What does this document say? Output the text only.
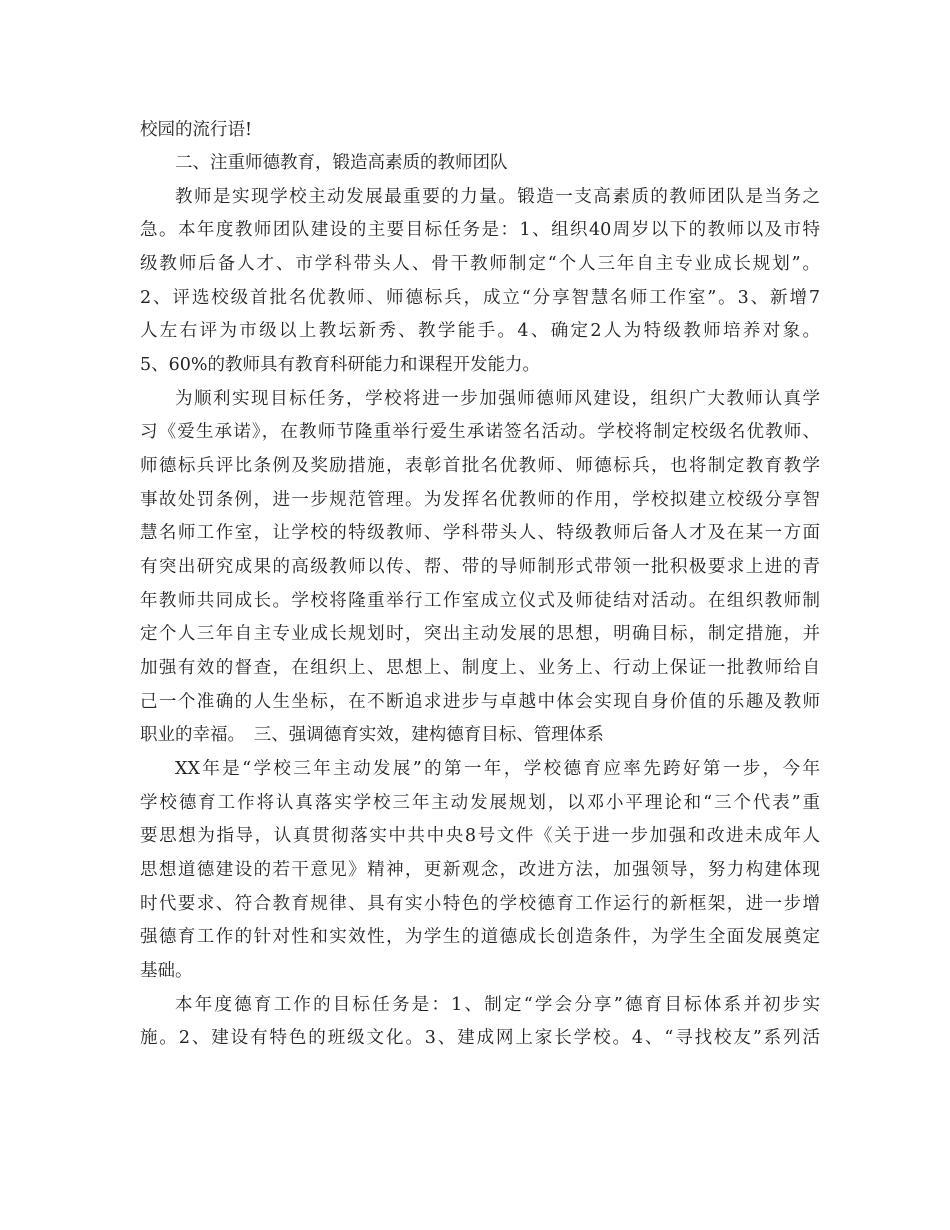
校园的流行语!
二、注重师德教育，锻造高素质的教师团队
教师是实现学校主动发展最重要的力量。锻造一支高素质的教师团队是当务之
急。本年度教师团队建设的主要目标任务是：1、组织40周岁以下的教师以及市特
级教师后备人才、市学科带头人、骨干教师制定“个人三年自主专业成长规划”。
2、评选校级首批名优教师、师德标兵，成立“分享智慧名师工作室”。3、新增7
人左右评为市级以上教坛新秀、教学能手。4、确定2人为特级教师培养对象。
5、60%的教师具有教育科研能力和课程开发能力。
为顺利实现目标任务，学校将进一步加强师德师风建设，组织广大教师认真学
习《爱生承诺》，在教师节隆重举行爱生承诺签名活动。学校将制定校级名优教师、
师德标兵评比条例及奖励措施，表彰首批名优教师、师德标兵，也将制定教育教学
事故处罚条例，进一步规范管理。为发挥名优教师的作用，学校拟建立校级分享智
慧名师工作室，让学校的特级教师、学科带头人、特级教师后备人才及在某一方面
有突出研究成果的高级教师以传、帮、带的导师制形式带领一批积极要求上进的青
年教师共同成长。学校将隆重举行工作室成立仪式及师徒结对活动。在组织教师制
定个人三年自主专业成长规划时，突出主动发展的思想，明确目标，制定措施，并
加强有效的督查，在组织上、思想上、制度上、业务上、行动上保证一批教师给自
己一个准确的人生坐标，在不断追求进步与卓越中体会实现自身价值的乐趣及教师
职业的幸福。　三、强调德育实效，建构德育目标、管理体系
XX年是“学校三年主动发展”的第一年，学校德育应率先跨好第一步，今年
学校德育工作将认真落实学校三年主动发展规划，以邓小平理论和“三个代表”重
要思想为指导，认真贯彻落实中共中央8号文件《关于进一步加强和改进未成年人
思想道德建设的若干意见》精神，更新观念，改进方法，加强领导，努力构建体现
时代要求、符合教育规律、具有实小特色的学校德育工作运行的新框架，进一步增
强德育工作的针对性和实效性，为学生的道德成长创造条件，为学生全面发展奠定
基础。
本年度德育工作的目标任务是：1、制定“学会分享”德育目标体系并初步实
施。2、建设有特色的班级文化。3、建成网上家长学校。4、“寻找校友”系列活
